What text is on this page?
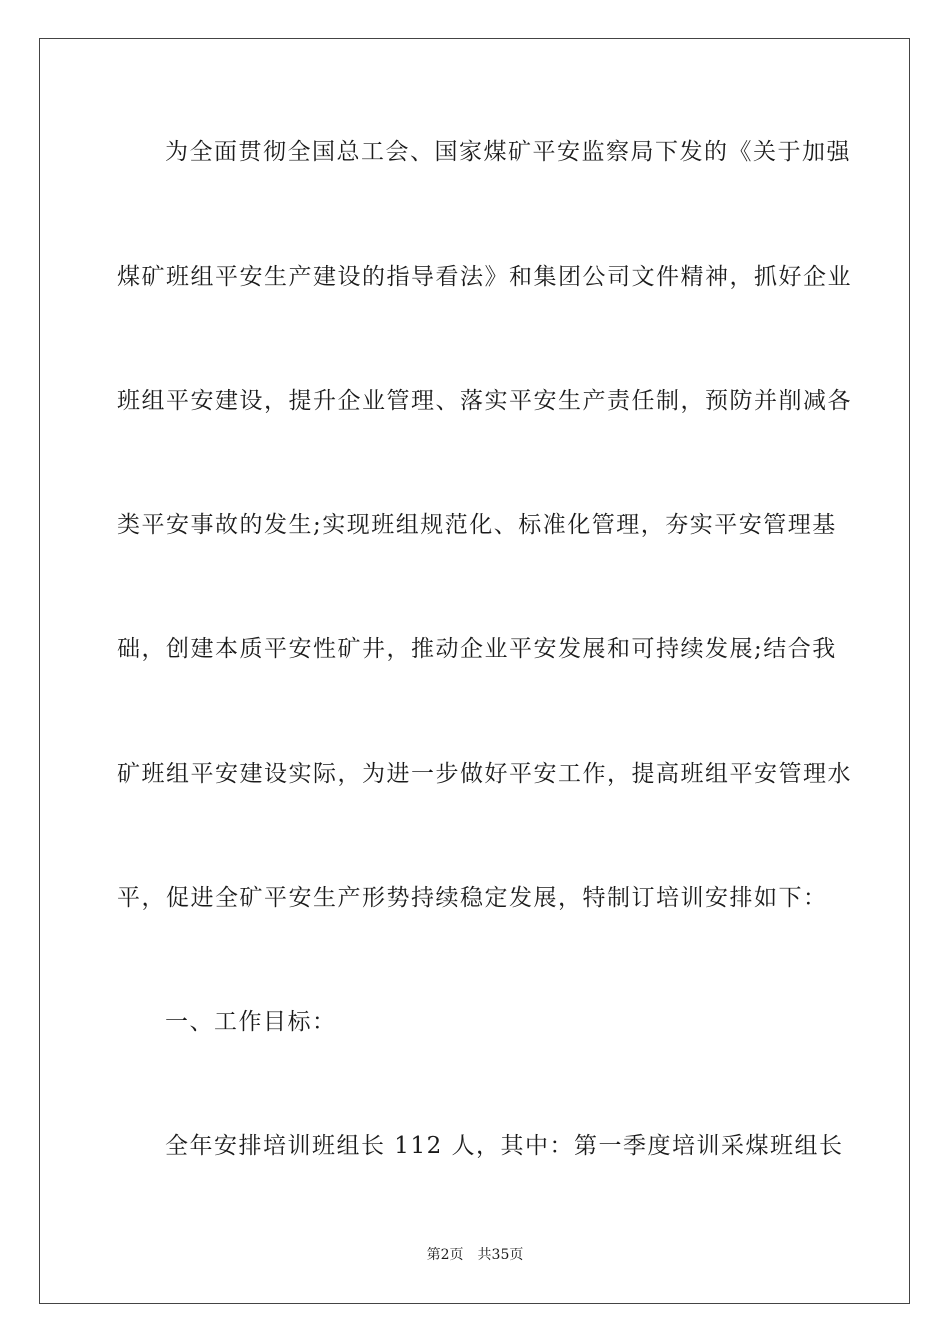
为全面贯彻全国总工会、国家煤矿平安监察局下发的《关于加强
煤矿班组平安生产建设的指导看法》和集团公司文件精神，抓好企业
班组平安建设，提升企业管理、落实平安生产责任制，预防并削减各
类平安事故的发生;实现班组规范化、标准化管理，夯实平安管理基
础，创建本质平安性矿井，推动企业平安发展和可持续发展;结合我
矿班组平安建设实际，为进一步做好平安工作，提高班组平安管理水
平，促进全矿平安生产形势持续稳定发展，特制订培训安排如下：
一、工作目标：
全年安排培训班组长 112 人，其中：第一季度培训采煤班组长
第2页 共35页
